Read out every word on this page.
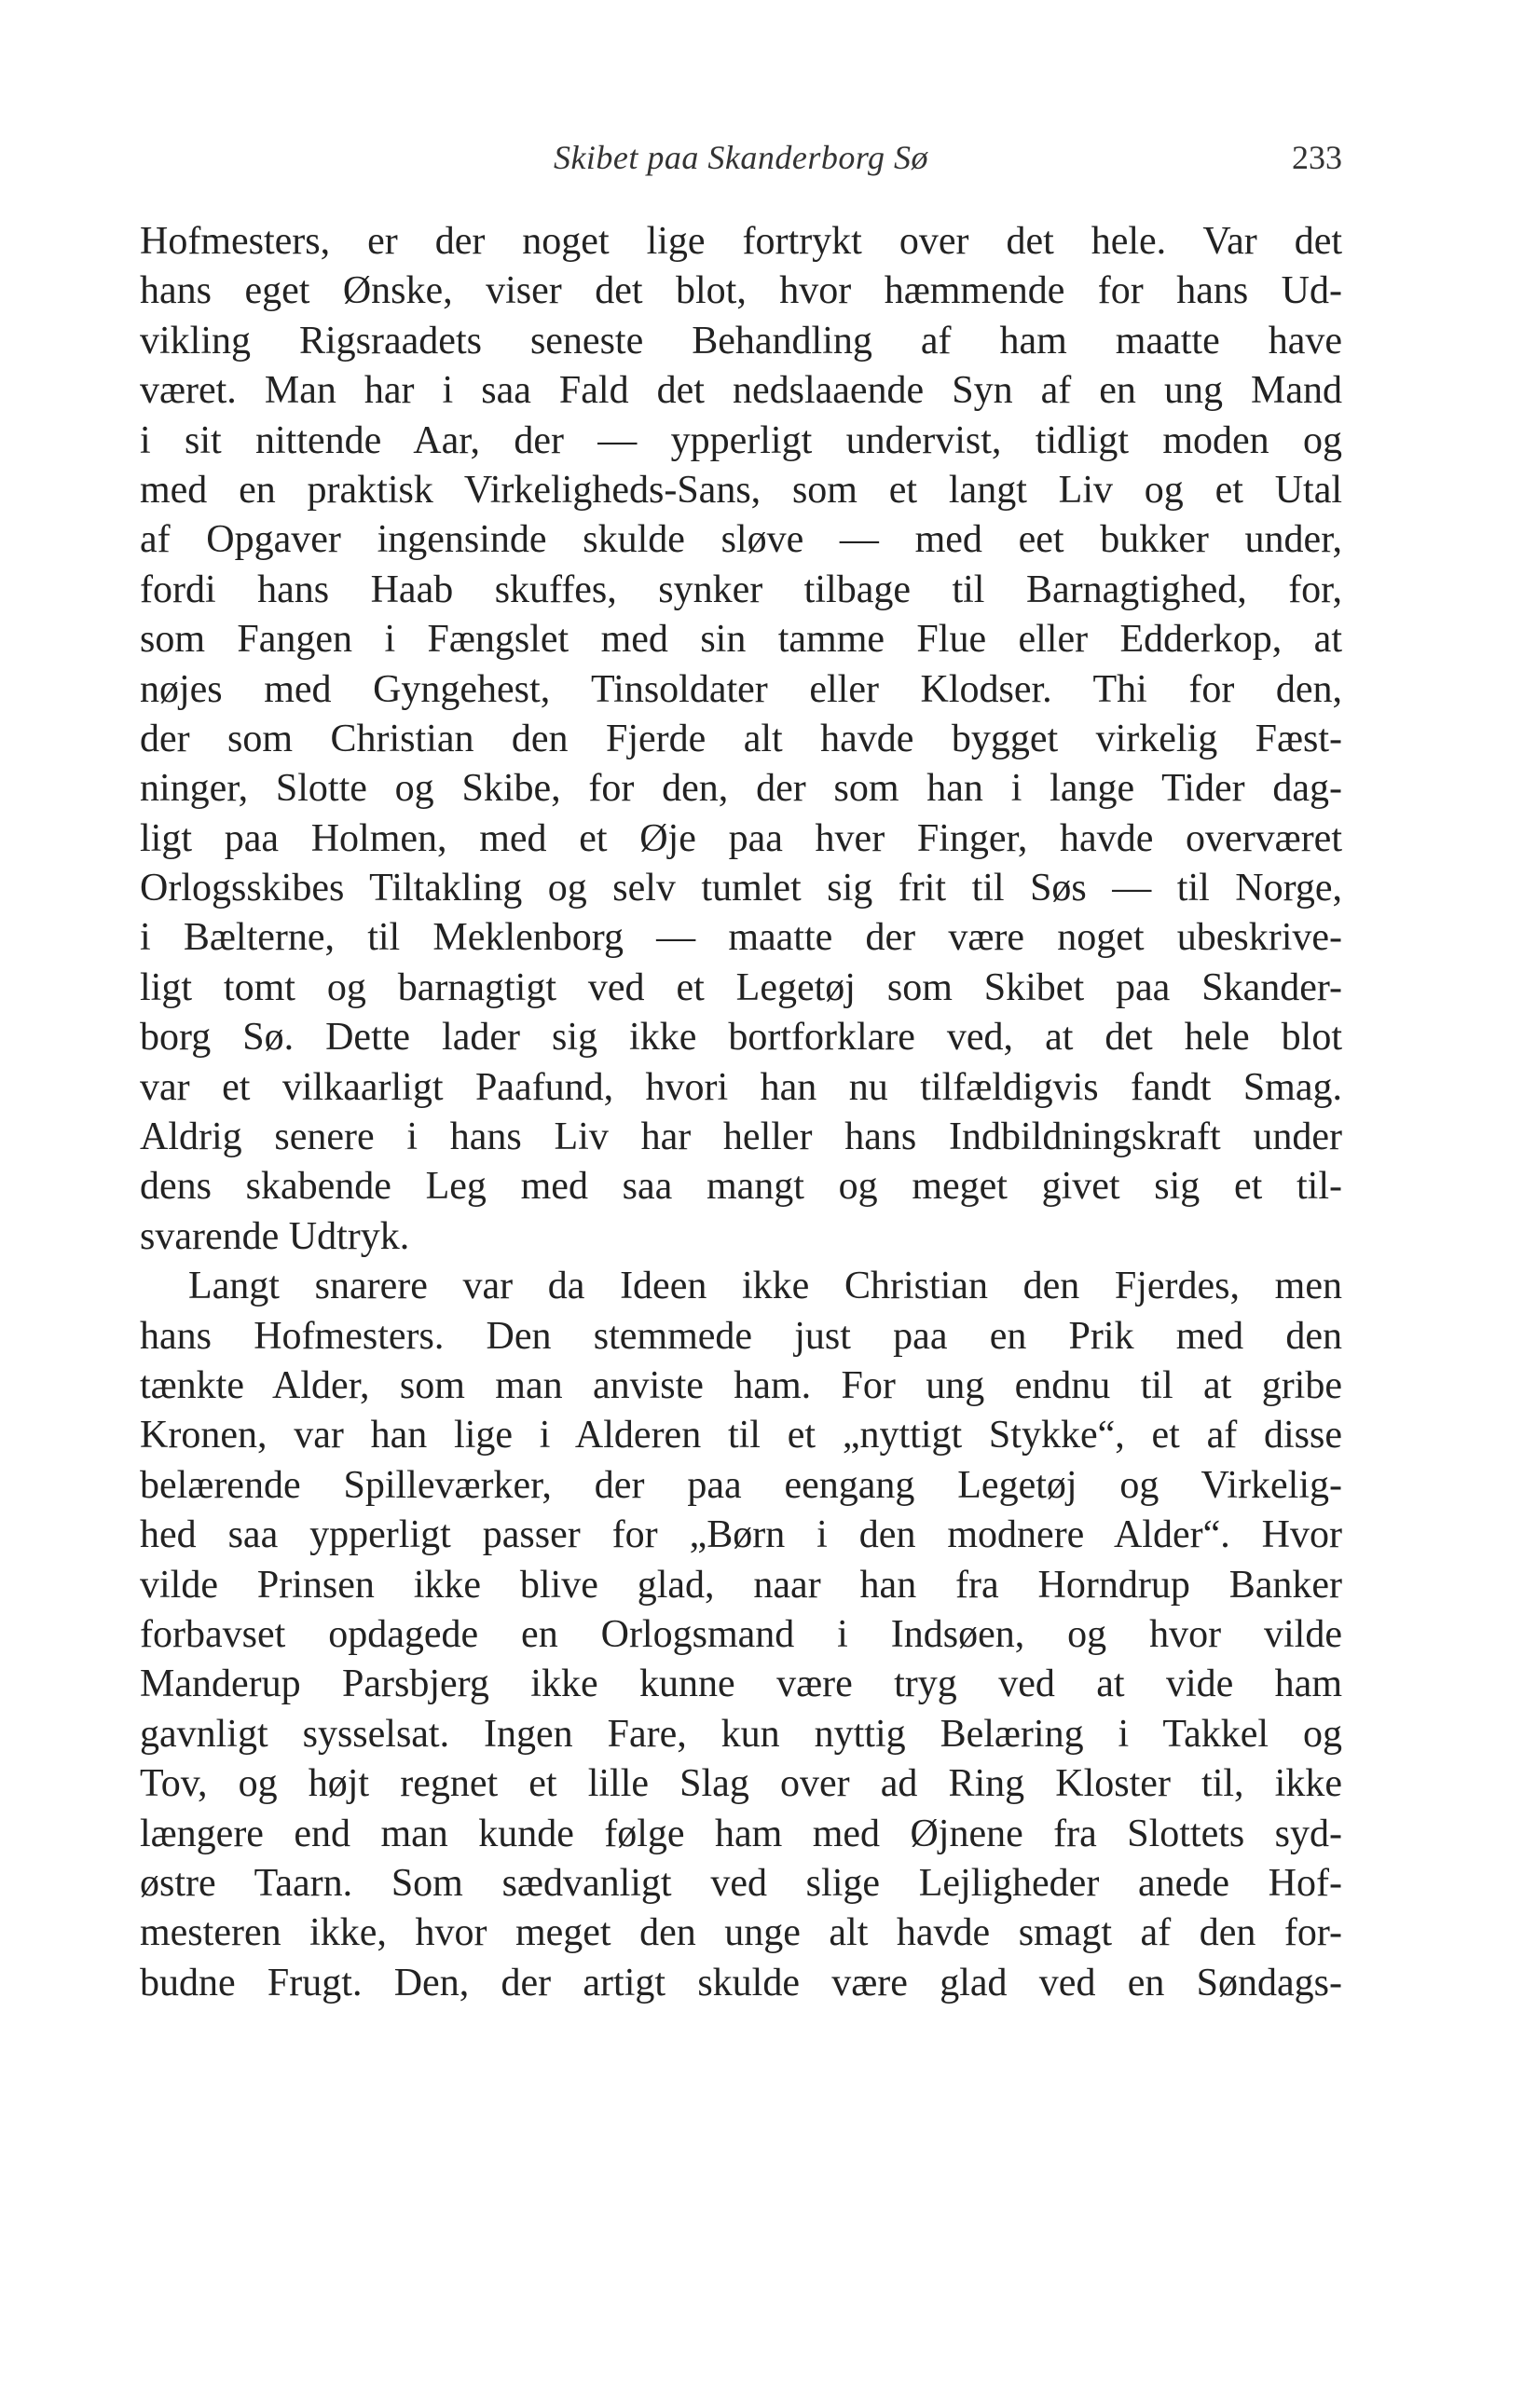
Skibet paa Skanderborg Sø	233
Hofmesters, er der noget lige fortrykt over det hele. Var det
hans eget Ønske, viser det blot, hvor hæmmende for hans Ud-
vikling Rigsraadets seneste Behandling af ham maatte have
været. Man har i saa Fald det nedslaaende Syn af en ung Mand
i sit nittende Aar, der — ypperligt undervist, tidligt moden og
med en praktisk Virkeligheds-Sans, som et langt Liv og et Utal
af Opgaver ingensinde skulde sløve — med eet bukker under,
fordi hans Haab skuffes, synker tilbage til Barnagtighed, for,
som Fangen i Fængslet med sin tamme Flue eller Edderkop, at
nøjes med Gyngehest, Tinsoldater eller Klodser. Thi for den,
der som Christian den Fjerde alt havde bygget virkelig Fæst-
ninger, Slotte og Skibe, for den, der som han i lange Tider dag-
ligt paa Holmen, med et Øje paa hver Finger, havde overværet
Orlogsskibes Tiltakling og selv tumlet sig frit til Søs — til Norge,
i Bælterne, til Meklenborg — maatte der være noget ubeskrive-
ligt tomt og barnagtigt ved et Legetøj som Skibet paa Skander-
borg Sø. Dette lader sig ikke bortforklare ved, at det hele blot
var et vilkaarligt Paafund, hvori han nu tilfældigvis fandt Smag.
Aldrig senere i hans Liv har heller hans Indbildningskraft under
dens skabende Leg med saa mangt og meget givet sig et til-
svarende Udtryk.
Langt snarere var da Ideen ikke Christian den Fjerdes, men
hans Hofmesters. Den stemmede just paa en Prik med den
tænkte Alder, som man anviste ham. For ung endnu til at gribe
Kronen, var han lige i Alderen til et „nyttigt Stykke“, et af disse
belærende Spilleværker, der paa eengang Legetøj og Virkelig-
hed saa ypperligt passer for „Børn i den modnere Alder“. Hvor
vilde Prinsen ikke blive glad, naar han fra Horndrup Banker
forbavset opdagede en Orlogsmand i Indsøen, og hvor vilde
Manderup Parsbjerg ikke kunne være tryg ved at vide ham
gavnligt sysselsat. Ingen Fare, kun nyttig Belæring i Takkel og
Tov, og højt regnet et lille Slag over ad Ring Kloster til, ikke
længere end man kunde følge ham med Øjnene fra Slottets syd-
østre Taarn. Som sædvanligt ved slige Lejligheder anede Hof-
mesteren ikke, hvor meget den unge alt havde smagt af den for-
budne Frugt. Den, der artigt skulde være glad ved en Søndags-
